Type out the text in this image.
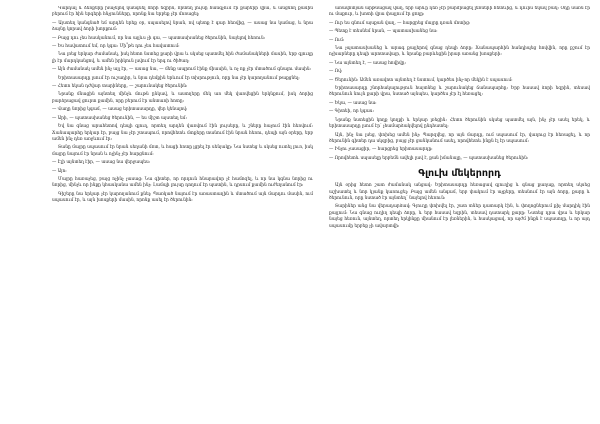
Կարդալ և ձեռքերը խաչելով կանգնել ձորի եզրին, որտեղ լույսը հանգչում էր քարերի վրա, և անցնող քամին բերում էր հին երգերի հնչյունները, որոնք նա երբեք չէր մոռացել։

— Այստեղ կանգնած եմ արդեն երեք օր, սպասելով նրան, ով պետք է գար հեռվից, — ասաց նա կամաց, և նրա ձայնը կորավ ձորի խորքում։

— Բայց դու չես հասկանում, որ նա այլևս չի գա, — պատասխանեց ծերունին, նայելով հեռուն։

— Ես հավատում եմ, որ կգա։ Մի՞թե դու չես հավատում։

Նա լռեց երկար ժամանակ, իսկ հետո նստեց քարի վրա և սկսեց պատմել հին ժամանակների մասին, երբ գյուղը լի էր մարդկանցով, և ամեն իրիկուն լսվում էր երգ ու ծիծաղ։

— Այն ժամանակ ամեն ինչ այլ էր, — ասաց նա, — մենք ապրում էինք միասին, և ոչ ոք չէր մտածում գնալու մասին։

Երիտասարդը լսում էր ուշադիր, և նրա դեմքին երևում էր տխրություն, որը նա չէր կարողանում թաքցնել։

— Հետո եկան դժվար տարիները, — շարունակեց ծերունին։

Նրանք մնացին այնտեղ մինչև մութն ընկավ, և աստղերը մեկ առ մեկ վառվեցին երկնքում, իսկ ձորից բարձրացավ ցուրտ քամին, որը բերում էր անտառի հոտը։

— Վաղը նորից կգամ, — ասաց երիտասարդը, վեր կենալով։

— Արի, — պատասխանեց ծերունին, — ես միշտ այստեղ եմ։

Եվ նա գնաց արահետով դեպի գյուղ, որտեղ արդեն վառվում էին լույսերը, և շները հաչում էին հեռվում։ Ճանապարհը երկար էր, բայց նա չէր շտապում, որովհետև մտքերը տանում էին նրան հեռու, դեպի այն օրերը, երբ ամեն ինչ դեռ առջևում էր։

Տանը մայրը սպասում էր նրան սեղանի մոտ, և հացի հոտը լցրել էր սենյակը։ Նա նստեց և սկսեց ուտել լուռ, իսկ մայրը նայում էր նրան և ոչինչ չէր հարցնում։

— Էլի այնտեղ էիր, — ասաց նա վերջապես։

— Այո։

Մայրը հառաչեց, բայց ոչինչ չասաց։ Նա գիտեր, որ որդուն հնարավոր չէ համոզել, և որ նա կգնա նորից ու նորից, մինչև որ ինքը կհասկանա ամեն ինչ։ Լամպի լույսը դողում էր պատին, և դրսում քամին ուժեղանում էր։

Գիշերը նա երկար չէր կարողանում քնել։ Պառկած նայում էր առաստաղին և մտածում այն մարդու մասին, ում սպասում էր, և այն խոսքերի մասին, որոնք ասել էր ծերունին։

առավոտյան արթնացավ վաղ, երբ արևը դեռ չէր բարձրացել լեռների հետևից, և դուրս եկավ բակ։ Օդը սառն էր ու մաքուր, և խոտի վրա փայլում էր ցողը։

— Ուր ես գնում այսքան վաղ, — հարցրեց մայրը դռան մոտից։

— Պետք է տեսնեմ նրան, — պատասխանեց նա։

— Ում։

Նա չպատասխանեց և արագ քայլերով գնաց դեպի ձորը։ Ճանապարհին հանդիպեց հովվին, որը քշում էր ոչխարները դեպի արոտավայր, և նրանք բարևեցին իրար առանց խոսքերի։

— Նա այնտեղ է, — ասաց հովիվը։

— Ով։

— Ծերունին։ Ամեն առավոտ այնտեղ է նստում, կարծես ինչ-որ մեկին է սպասում։

Երիտասարդը շնորհակալություն հայտնեց և շարունակեց ճանապարհը։ Երբ հասավ ձորի եզրին, տեսավ ծերունուն նույն քարի վրա, նստած այնպես, կարծես չէր էլ հեռացել։

— Եկա, — ասաց նա։

— Գիտեի, որ կգաս։

Նրանք նստեցին կողք կողքի և երկար լռեցին։ Հետո ծերունին սկսեց պատմել այն, ինչ չէր ասել երեկ, և երիտասարդը լսում էր՝ չհամարձակվելով ընդհատել։

Այն, ինչ նա լսեց, փոխեց ամեն ինչ։ Պարզվեց, որ այն մարդը, ում սպասում էր, վաղուց էր հեռացել, և որ ծերունին գիտեր դա սկզբից, բայց չէր ցանկանում ասել, որովհետև ինքն էլ էր սպասում։

— Ինչու չասացիր, — հարցրեց երիտասարդը։

— Որովհետև սպասելը երբեմն ավելի լավ է, քան իմանալը, — պատասխանեց ծերունին։

Գլուխ մեկերորդ

Այն օրից հետո շատ ժամանակ անցավ։ Երիտասարդը հեռացավ գյուղից և գնաց քաղաք, որտեղ սկսեց աշխատել և նոր կյանք կառուցել։ Բայց ամեն անգամ, երբ փակում էր աչքերը, տեսնում էր այն ձորը, քարը և ծերունուն, որը նստած էր այնտեղ՝ նայելով հեռուն։

Տարիներ անց նա վերադարձավ։ Գյուղը փոխվել էր, շատ տներ դատարկ էին, և փողոցներում քիչ մարդիկ էին քայլում։ Նա գնաց ուղիղ դեպի ձորը, և երբ հասավ եզրին, տեսավ դատարկ քարը։ Նստեց դրա վրա և երկար նայեց հեռուն, այնտեղ, որտեղ երկինքը միանում էր լեռներին, և հասկացավ, որ այժմ ինքն է սպասողը, և որ այդ սպասումը երբեք չի ավարտվի։
